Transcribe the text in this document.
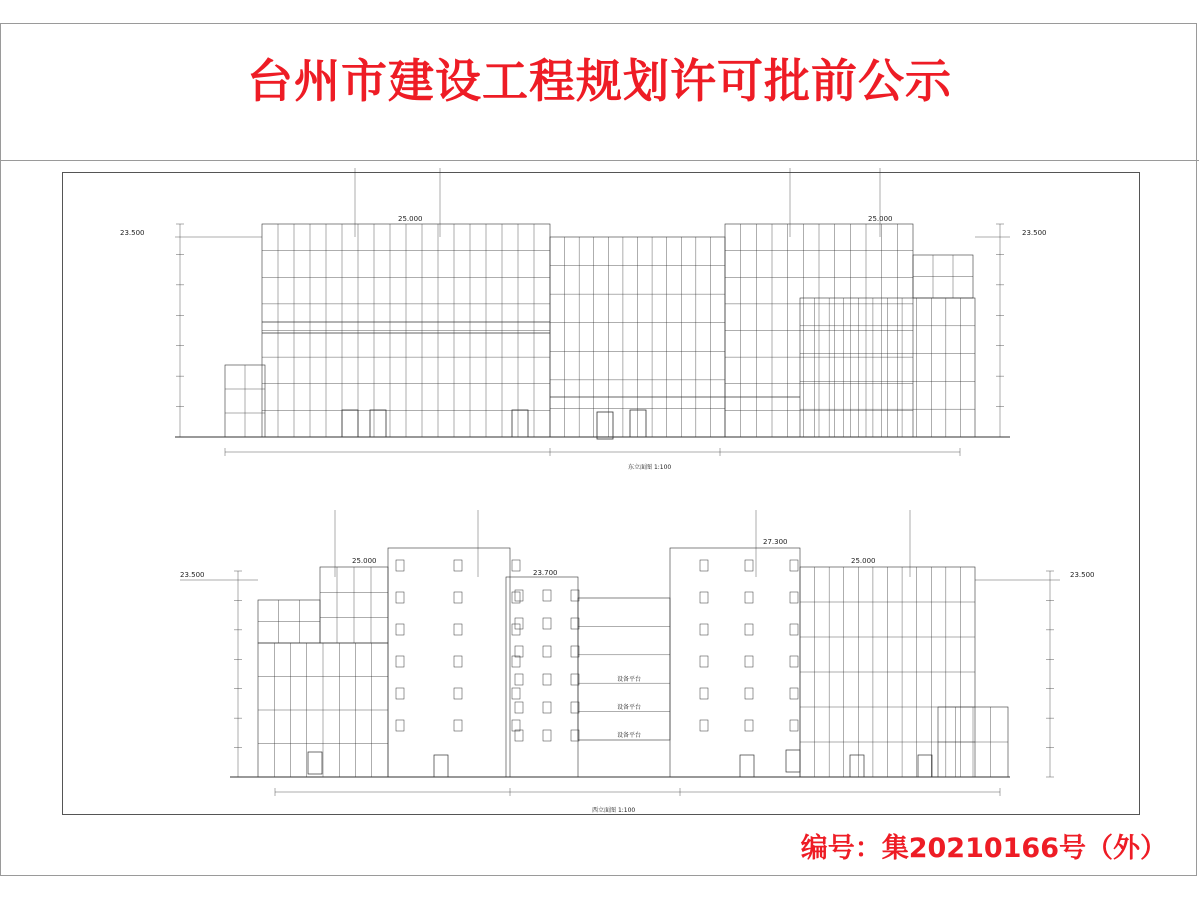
台州市建设工程规划许可批前公示
23.500	23.500
25.000	25.000
东立面图 1:100
23.500	23.500
25.000	25.000
27.300
23.700
设备平台
设备平台
设备平台
西立面图 1:100
编号：集20210166号（外）
